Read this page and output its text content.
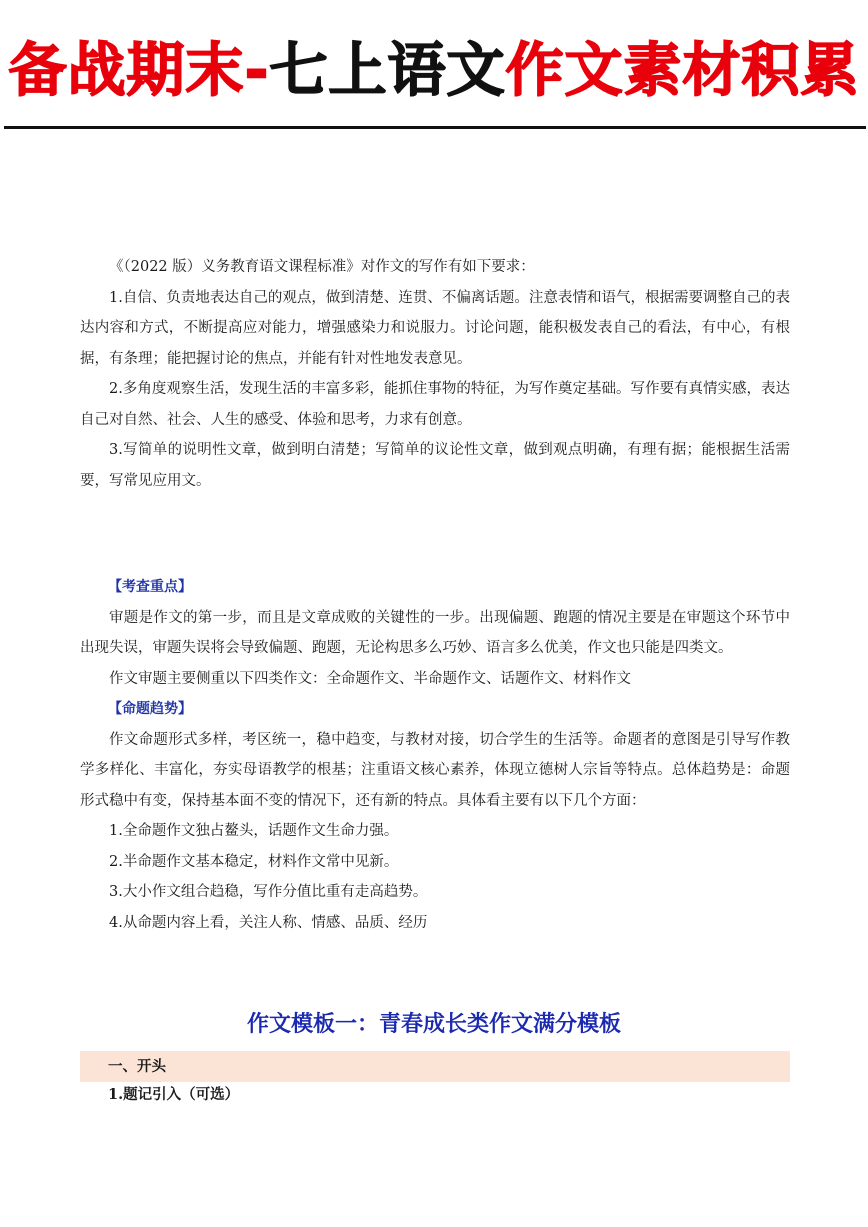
备战期末-七上语文作文素材积累

《（2022 版）义务教育语文课程标准》对作文的写作有如下要求：

1.自信、负责地表达自己的观点，做到清楚、连贯、不偏离话题。注意表情和语气，根据需要调整自己的表达内容和方式，不断提高应对能力，增强感染力和说服力。讨论问题，能积极发表自己的看法，有中心，有根据，有条理；能把握讨论的焦点，并能有针对性地发表意见。

2.多角度观察生活，发现生活的丰富多彩，能抓住事物的特征，为写作奠定基础。写作要有真情实感，表达自己对自然、社会、人生的感受、体验和思考，力求有创意。

3.写简单的说明性文章，做到明白清楚；写简单的议论性文章，做到观点明确，有理有据；能根据生活需要，写常见应用文。

【考查重点】

审题是作文的第一步，而且是文章成败的关键性的一步。出现偏题、跑题的情况主要是在审题这个环节中出现失误，审题失误将会导致偏题、跑题，无论构思多么巧妙、语言多么优美，作文也只能是四类文。

作文审题主要侧重以下四类作文：全命题作文、半命题作文、话题作文、材料作文

【命题趋势】

作文命题形式多样，考区统一，稳中趋变，与教材对接，切合学生的生活等。命题者的意图是引导写作教学多样化、丰富化，夯实母语教学的根基；注重语文核心素养，体现立德树人宗旨等特点。总体趋势是：命题形式稳中有变，保持基本面不变的情况下，还有新的特点。具体看主要有以下几个方面：

1.全命题作文独占鳌头，话题作文生命力强。

2.半命题作文基本稳定，材料作文常中见新。

3.大小作文组合趋稳，写作分值比重有走高趋势。

4.从命题内容上看，关注人称、情感、品质、经历

作文模板一：青春成长类作文满分模板
一、开头
1.题记引入（可选）
